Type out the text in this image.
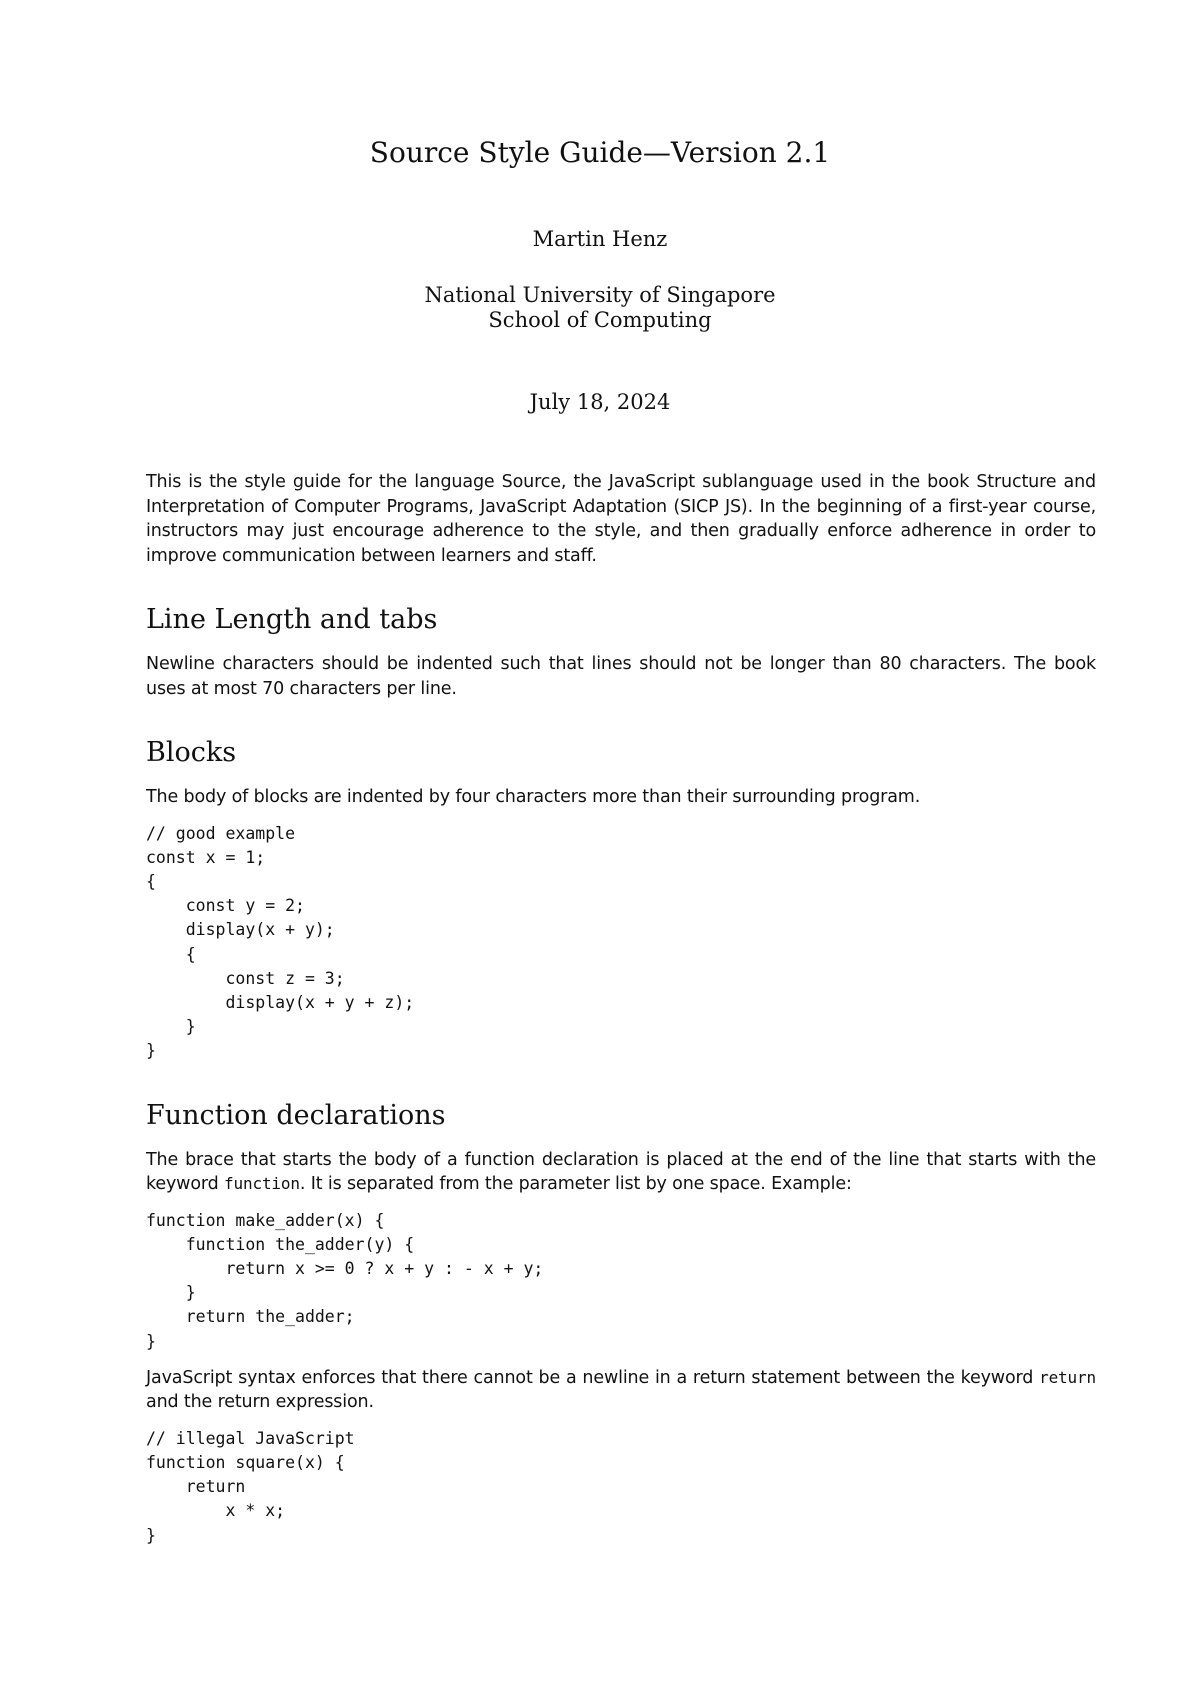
Source Style Guide—Version 2.1
Martin Henz
National University of Singapore
School of Computing
July 18, 2024

This is the style guide for the language Source, the JavaScript sublanguage used in the book Structure and Interpretation of Computer Programs, JavaScript Adaptation (SICP JS). In the beginning of a first-year course, instructors may just encourage adherence to the style, and then gradually enforce adherence in order to improve communication between learners and staff.

Line Length and tabs

Newline characters should be indented such that lines should not be longer than 80 characters. The book uses at most 70 characters per line.

Blocks

The body of blocks are indented by four characters more than their surrounding program.

// good example
const x = 1;
{
const y = 2;
display(x + y);
{
const z = 3;
display(x + y + z);
}
}
Function declarations

The brace that starts the body of a function declaration is placed at the end of the line that starts with the keyword function. It is separated from the parameter list by one space. Example:

function make_adder(x) {
function the_adder(y) {
return x >= 0 ? x + y : - x + y;
}
return the_adder;
}

JavaScript syntax enforces that there cannot be a newline in a return statement between the keyword return and the return expression.

// illegal JavaScript
function square(x) {
return
x * x;
}
